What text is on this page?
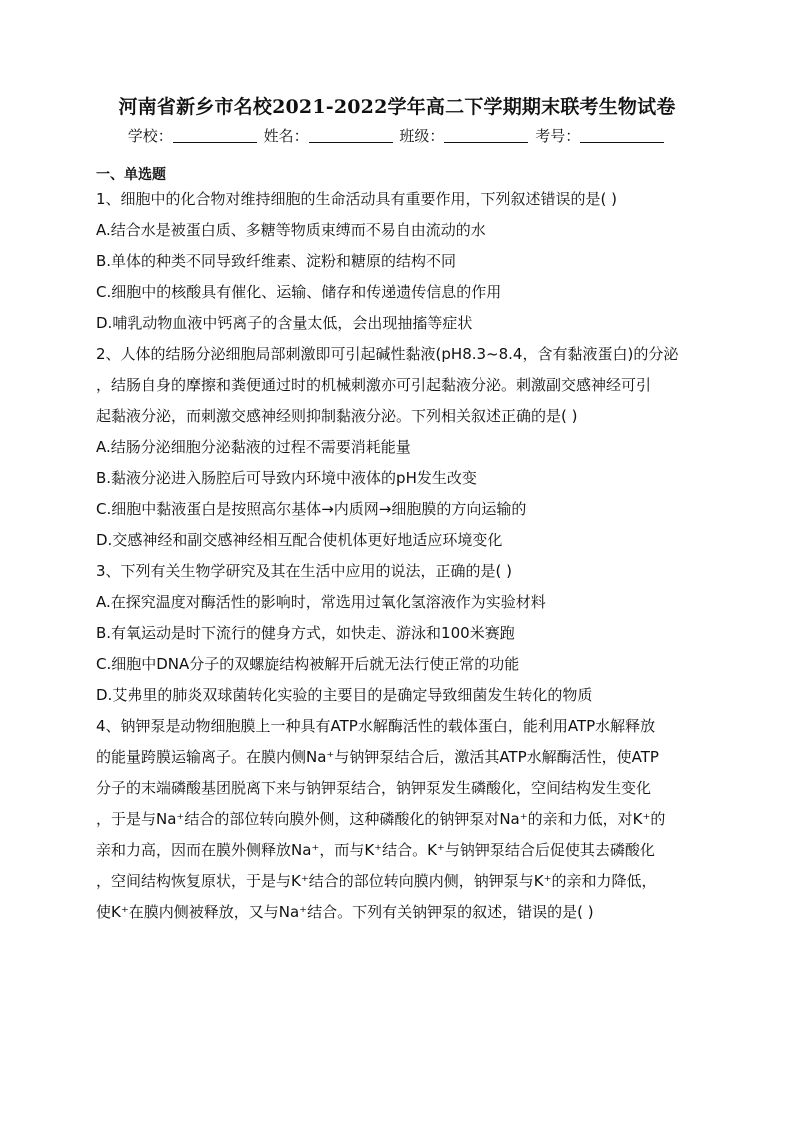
河南省新乡市名校2021-2022学年高二下学期期末联考生物试卷
学校：	姓名：	班级：	考号：
一、单选题
1、细胞中的化合物对维持细胞的生命活动具有重要作用，下列叙述错误的是( )
A.结合水是被蛋白质、多糖等物质束缚而不易自由流动的水
B.单体的种类不同导致纤维素、淀粉和糖原的结构不同
C.细胞中的核酸具有催化、运输、储存和传递遗传信息的作用
D.哺乳动物血液中钙离子的含量太低，会出现抽搐等症状
2、人体的结肠分泌细胞局部刺激即可引起碱性黏液(pH8.3~8.4，含有黏液蛋白)的分泌
，结肠自身的摩擦和粪便通过时的机械刺激亦可引起黏液分泌。刺激副交感神经可引
起黏液分泌，而刺激交感神经则抑制黏液分泌。下列相关叙述正确的是( )
A.结肠分泌细胞分泌黏液的过程不需要消耗能量
B.黏液分泌进入肠腔后可导致内环境中液体的pH发生改变
C.细胞中黏液蛋白是按照高尔基体→内质网→细胞膜的方向运输的
D.交感神经和副交感神经相互配合使机体更好地适应环境变化
3、下列有关生物学研究及其在生活中应用的说法，正确的是( )
A.在探究温度对酶活性的影响时，常选用过氧化氢溶液作为实验材料
B.有氧运动是时下流行的健身方式，如快走、游泳和100米赛跑
C.细胞中DNA分子的双螺旋结构被解开后就无法行使正常的功能
D.艾弗里的肺炎双球菌转化实验的主要目的是确定导致细菌发生转化的物质
4、钠钾泵是动物细胞膜上一种具有ATP水解酶活性的载体蛋白，能利用ATP水解释放
的能量跨膜运输离子。在膜内侧Na⁺与钠钾泵结合后，激活其ATP水解酶活性，使ATP
分子的末端磷酸基团脱离下来与钠钾泵结合，钠钾泵发生磷酸化，空间结构发生变化
，于是与Na⁺结合的部位转向膜外侧，这种磷酸化的钠钾泵对Na⁺的亲和力低，对K⁺的
亲和力高，因而在膜外侧释放Na⁺，而与K⁺结合。K⁺与钠钾泵结合后促使其去磷酸化
，空间结构恢复原状，于是与K⁺结合的部位转向膜内侧，钠钾泵与K⁺的亲和力降低，
使K⁺在膜内侧被释放，又与Na⁺结合。下列有关钠钾泵的叙述，错误的是( )
